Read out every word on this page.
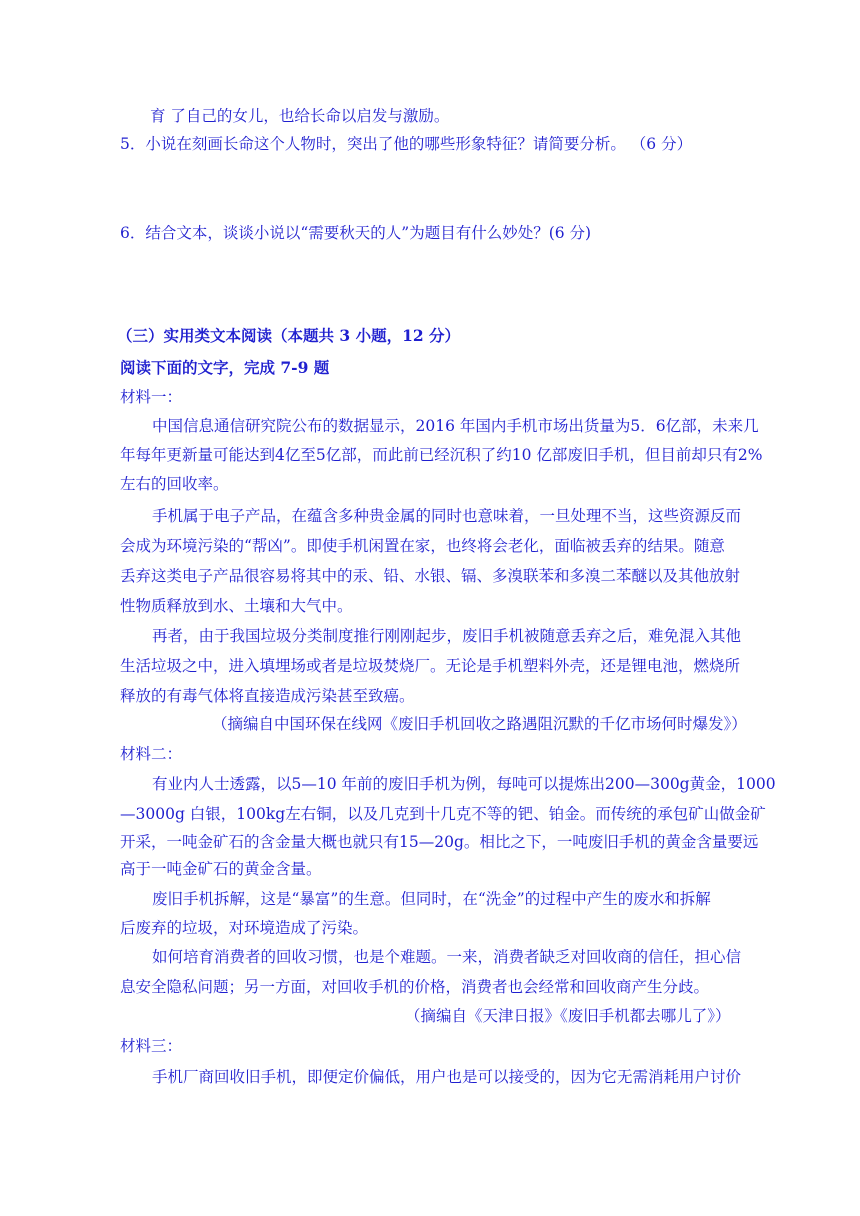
育 了自己的女儿，也给长命以启发与激励。
5．小说在刻画长命这个人物时，突出了他的哪些形象特征？请简要分析。 （6 分）
6．结合文本，谈谈小说以“需要秋天的人”为题目有什么妙处？(6 分)
（三）实用类文本阅读（本题共 3 小题，12 分）
阅读下面的文字，完成 7-9 题
材料一：
中国信息通信研究院公布的数据显示，2016 年国内手机市场出货量为5．6亿部，未来几
年每年更新量可能达到4亿至5亿部，而此前已经沉积了约10 亿部废旧手机，但目前却只有2%
左右的回收率。
手机属于电子产品，在蕴含多种贵金属的同时也意味着，一旦处理不当，这些资源反而
会成为环境污染的“帮凶”。即使手机闲置在家，也终将会老化，面临被丢弃的结果。随意
丢弃这类电子产品很容易将其中的汞、铅、水银、镉、多溴联苯和多溴二苯醚以及其他放射
性物质释放到水、土壤和大气中。
再者，由于我国垃圾分类制度推行刚刚起步，废旧手机被随意丢弃之后，难免混入其他
生活垃圾之中，进入填埋场或者是垃圾焚烧厂。无论是手机塑料外壳，还是锂电池，燃烧所
释放的有毒气体将直接造成污染甚至致癌。
（摘编自中国环保在线网《废旧手机回收之路遇阻沉默的千亿市场何时爆发》）
材料二：
有业内人士透露，以5—10 年前的废旧手机为例，每吨可以提炼出200—300g黄金，1000
—3000g 白银，100kg左右铜，以及几克到十几克不等的钯、铂金。而传统的承包矿山做金矿
开采，一吨金矿石的含金量大概也就只有15—20g。相比之下，一吨废旧手机的黄金含量要远
高于一吨金矿石的黄金含量。
废旧手机拆解，这是“暴富”的生意。但同时，在“洗金”的过程中产生的废水和拆解
后废弃的垃圾，对环境造成了污染。
如何培育消费者的回收习惯，也是个难题。一来，消费者缺乏对回收商的信任，担心信
息安全隐私问题；另一方面，对回收手机的价格，消费者也会经常和回收商产生分歧。
（摘编自《天津日报》《废旧手机都去哪儿了》）
材料三：
手机厂商回收旧手机，即便定价偏低，用户也是可以接受的，因为它无需消耗用户讨价
